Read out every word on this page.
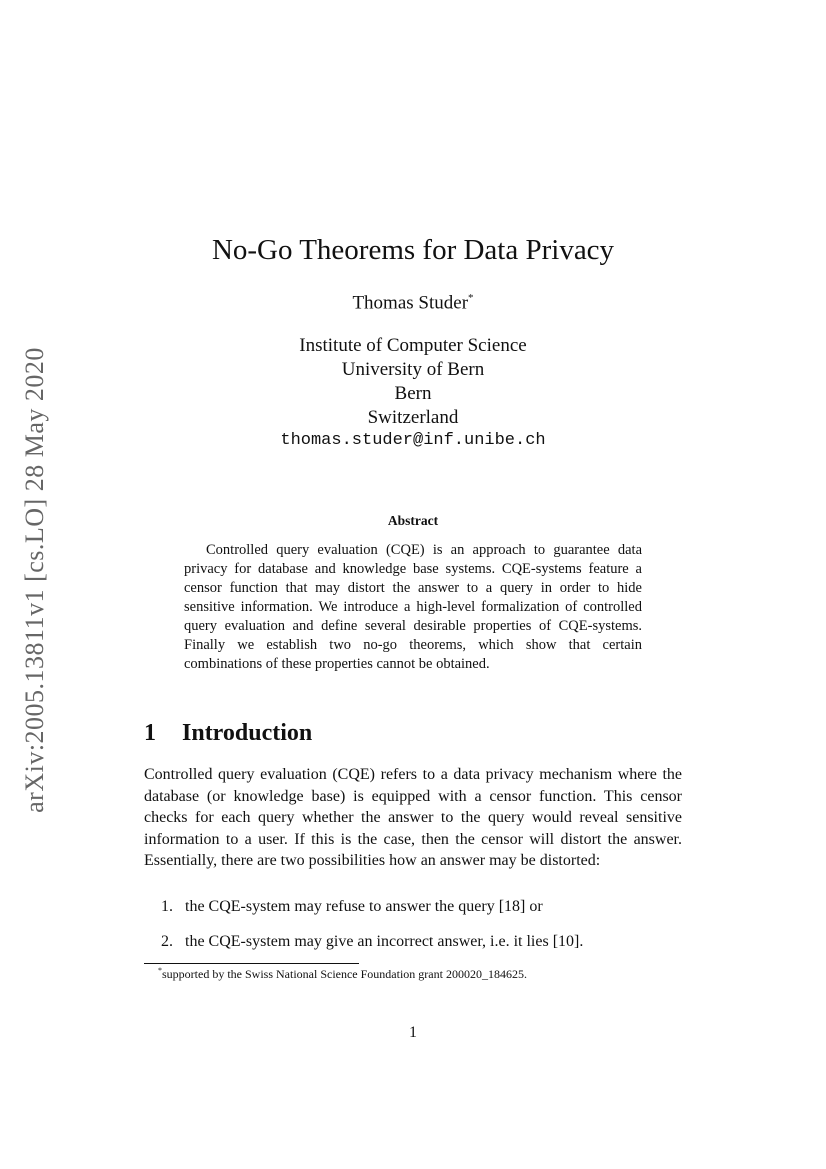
arXiv:2005.13811v1 [cs.LO] 28 May 2020
No-Go Theorems for Data Privacy
Thomas Studer*
Institute of Computer Science
University of Bern
Bern
Switzerland
thomas.studer@inf.unibe.ch
Abstract
Controlled query evaluation (CQE) is an approach to guarantee data privacy for database and knowledge base systems. CQE-systems feature a censor function that may distort the answer to a query in order to hide sensitive information. We introduce a high-level formalization of controlled query evaluation and define several desirable properties of CQE-systems. Finally we establish two no-go theorems, which show that certain combinations of these properties cannot be obtained.
1 Introduction
Controlled query evaluation (CQE) refers to a data privacy mechanism where the database (or knowledge base) is equipped with a censor function. This censor checks for each query whether the answer to the query would reveal sensitive information to a user. If this is the case, then the censor will distort the answer. Essentially, there are two possibilities how an answer may be distorted:
1. the CQE-system may refuse to answer the query [18] or
2. the CQE-system may give an incorrect answer, i.e. it lies [10].
*supported by the Swiss National Science Foundation grant 200020_184625.
1
